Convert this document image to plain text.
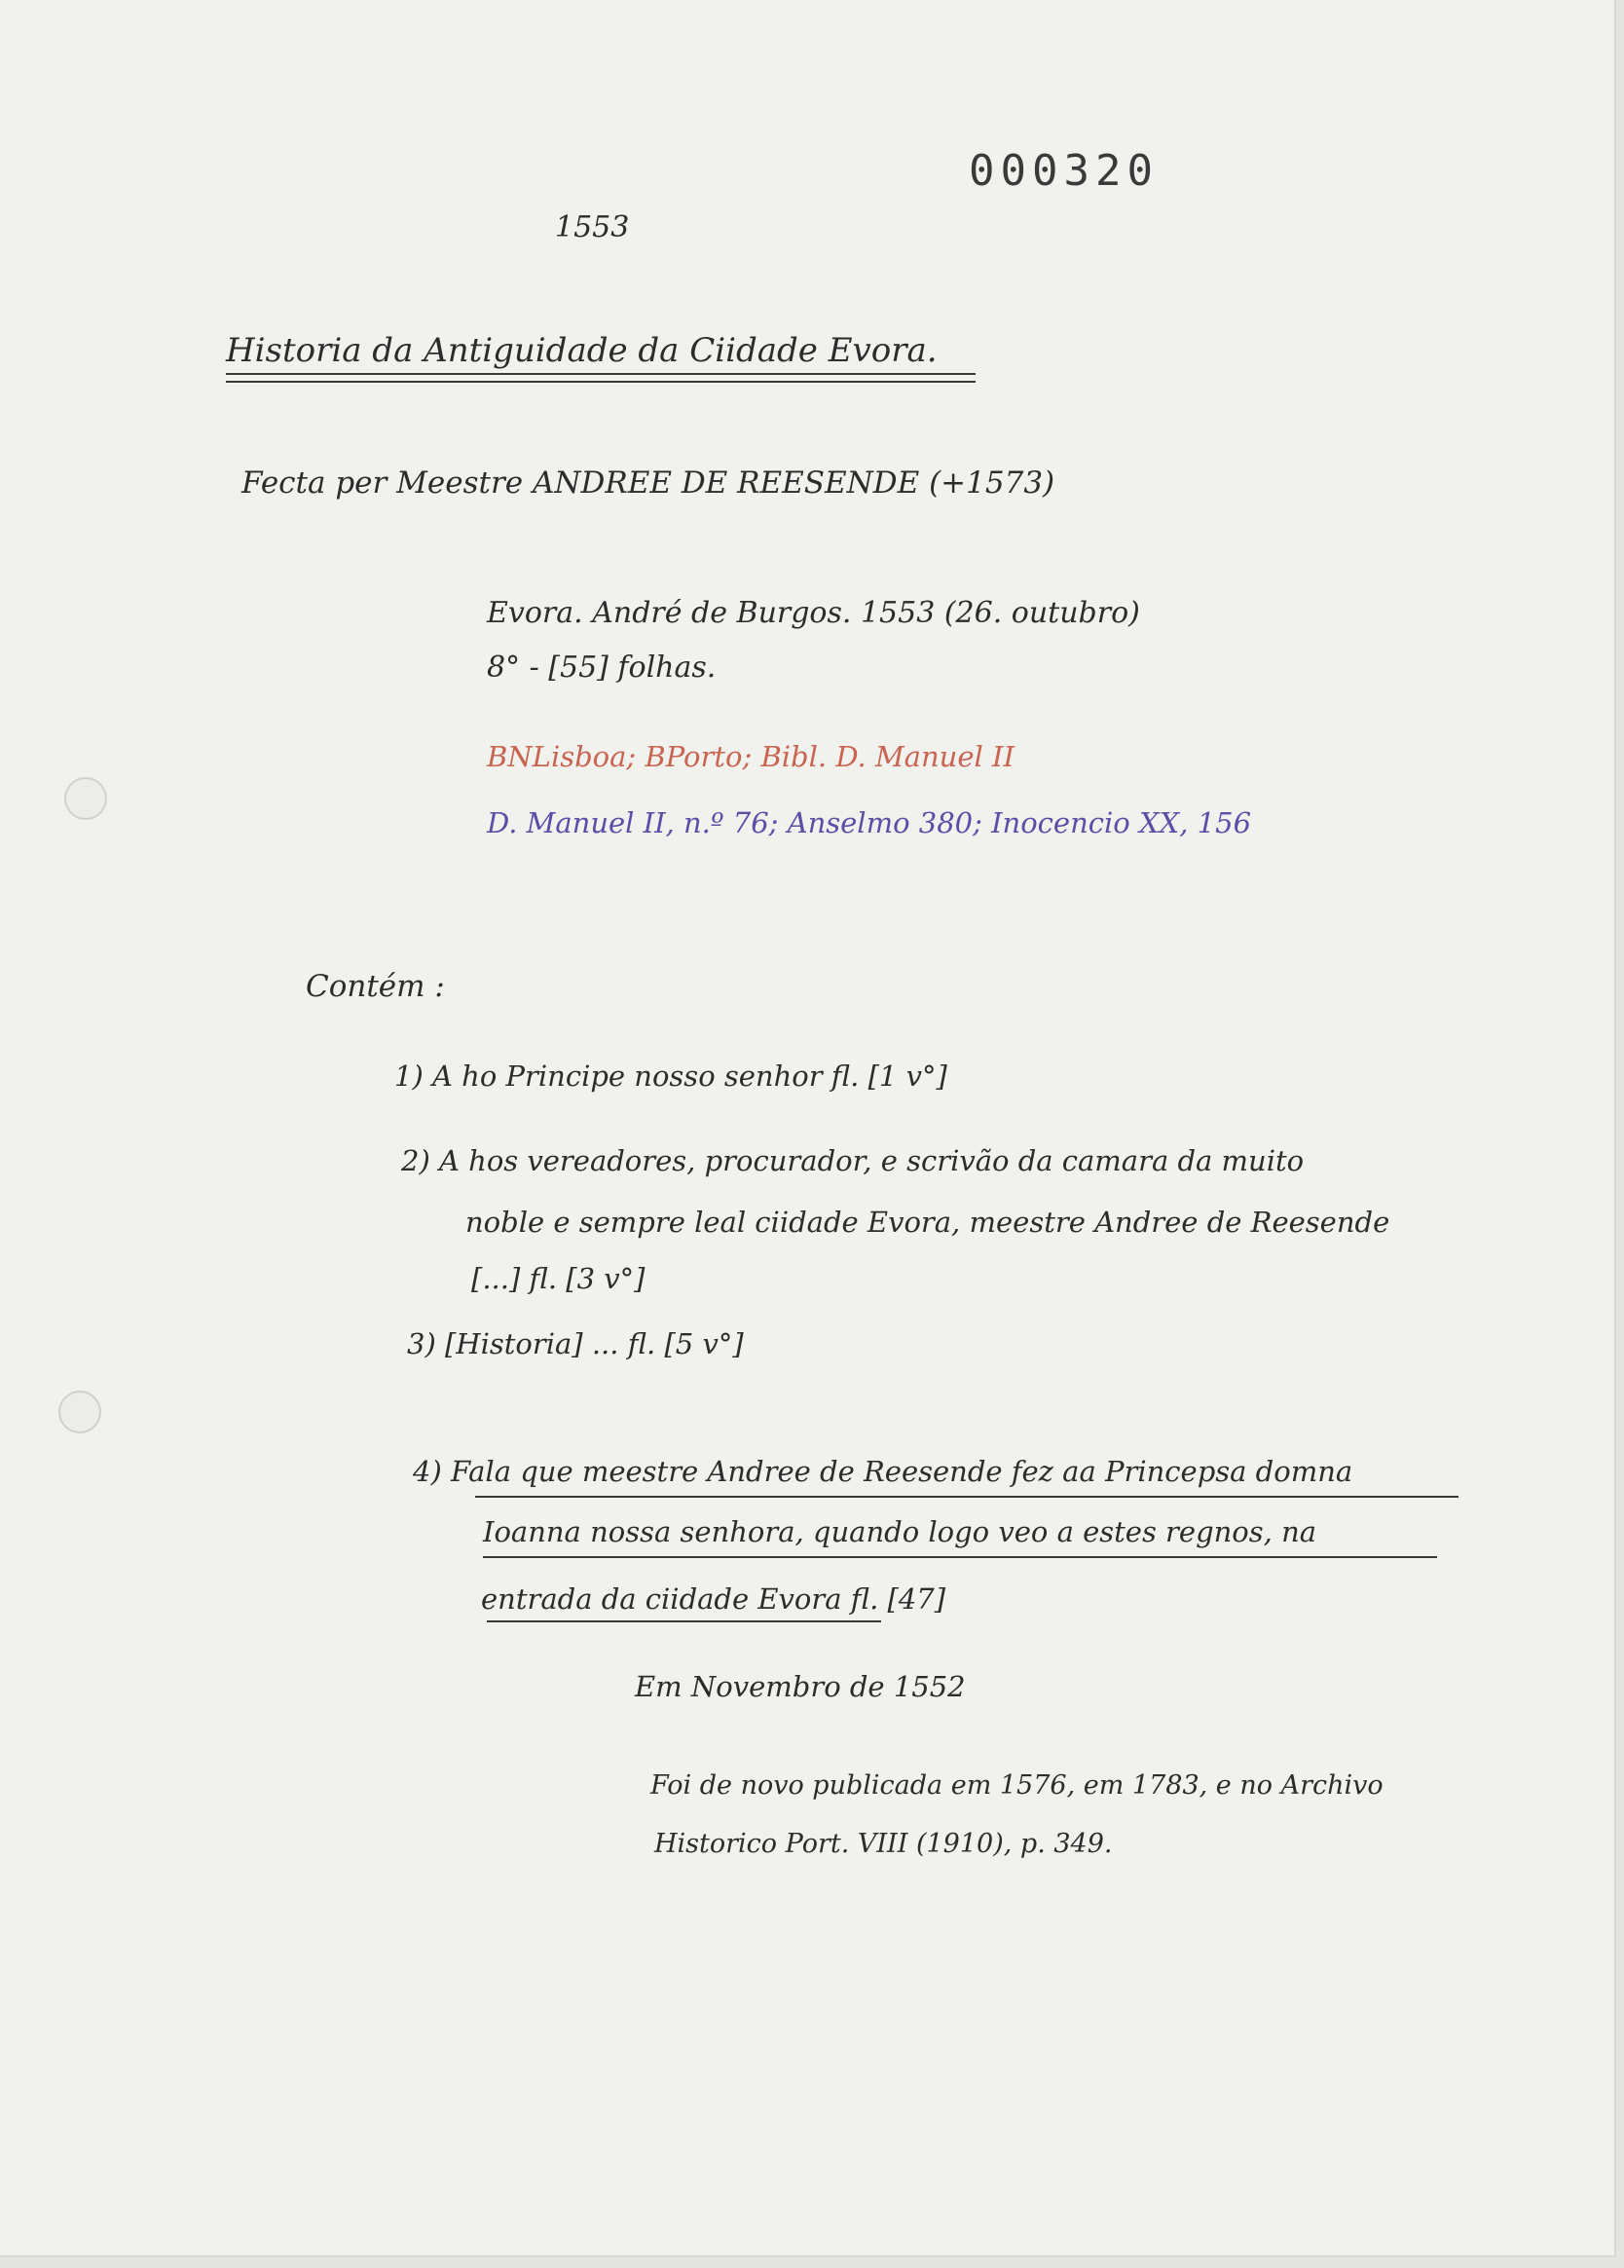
000320
1553
Historia da Antiguidade da Ciidade Evora.
Fecta per Meestre ANDREE DE REESENDE (+1573)
Evora. André de Burgos. 1553 (26. outubro)
8° - [55] folhas.
BNLisboa; BPorto; Bibl. D. Manuel II
D. Manuel II, n.º 76; Anselmo 380; Inocencio XX, 156
Contém :
1) A ho Principe nosso senhor fl. [1 v°]
2) A hos vereadores, procurador, e scrivão da camara da muito
noble e sempre leal ciidade Evora, meestre Andree de Reesende
[...] fl. [3 v°]
3) [Historia] ... fl. [5 v°]
4) Fala que meestre Andree de Reesende fez aa Princepsa domna
Ioanna nossa senhora, quando logo veo a estes regnos, na
entrada da ciidade Evora fl. [47]
Em Novembro de 1552
Foi de novo publicada em 1576, em 1783, e no Archivo
Historico Port. VIII (1910), p. 349.
